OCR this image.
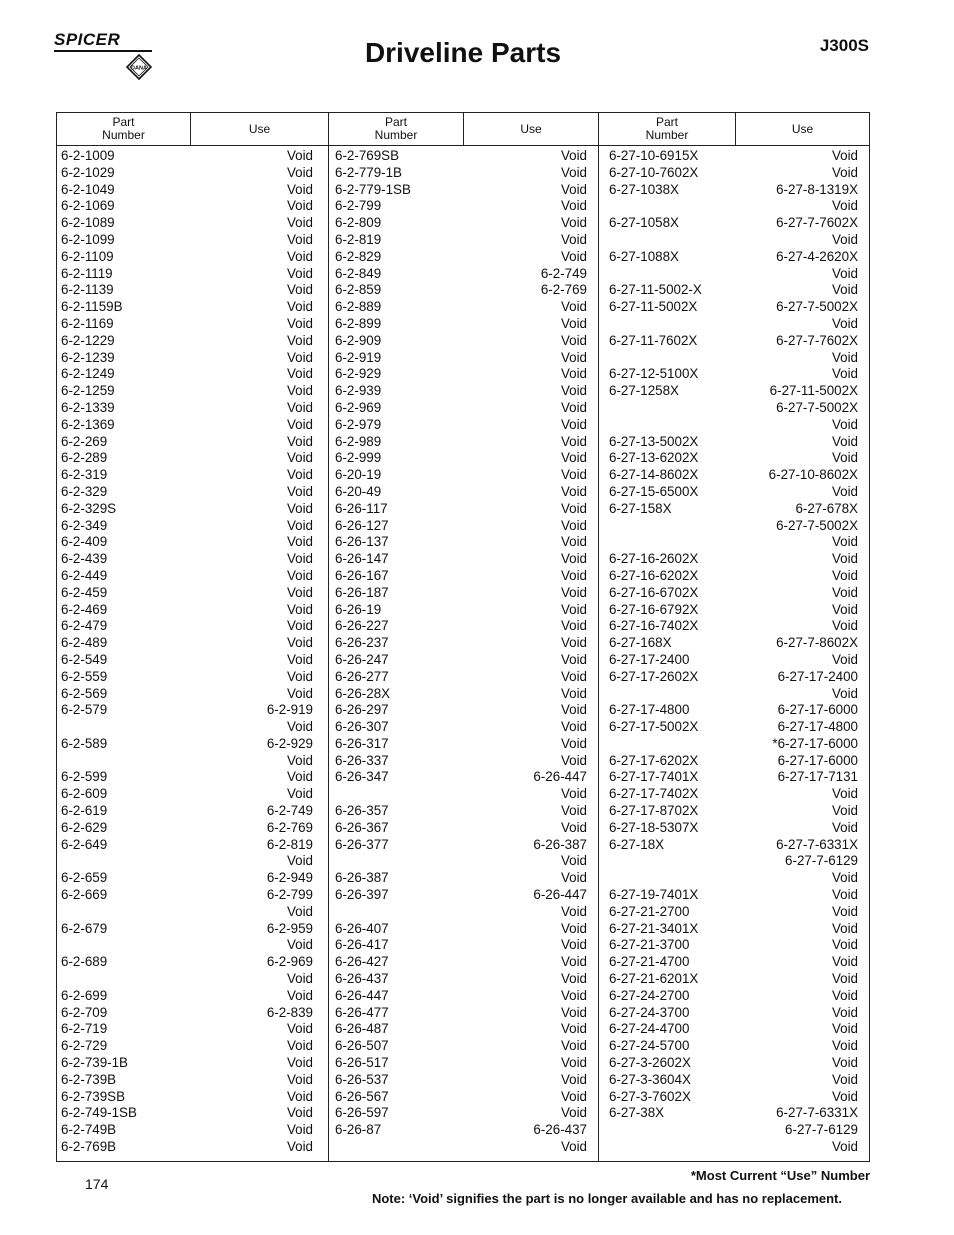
SPICER
DANA
Driveline Parts	J300S
Part
Number	Use	Part
Number	Use	Part
Number	Use
6-2-1009	Void
6-2-1029	Void
6-2-1049	Void
6-2-1069	Void
6-2-1089	Void
6-2-1099	Void
6-2-1109	Void
6-2-1119	Void
6-2-1139	Void
6-2-1159B	Void
6-2-1169	Void
6-2-1229	Void
6-2-1239	Void
6-2-1249	Void
6-2-1259	Void
6-2-1339	Void
6-2-1369	Void
6-2-269	Void
6-2-289	Void
6-2-319	Void
6-2-329	Void
6-2-329S	Void
6-2-349	Void
6-2-409	Void
6-2-439	Void
6-2-449	Void
6-2-459	Void
6-2-469	Void
6-2-479	Void
6-2-489	Void
6-2-549	Void
6-2-559	Void
6-2-569	Void
6-2-579	6-2-919
Void
6-2-589	6-2-929
Void
6-2-599	Void
6-2-609	Void
6-2-619	6-2-749
6-2-629	6-2-769
6-2-649	6-2-819
Void
6-2-659	6-2-949
6-2-669	6-2-799
Void
6-2-679	6-2-959
Void
6-2-689	6-2-969
Void
6-2-699	Void
6-2-709	6-2-839
6-2-719	Void
6-2-729	Void
6-2-739-1B	Void
6-2-739B	Void
6-2-739SB	Void
6-2-749-1SB	Void
6-2-749B	Void
6-2-769B	Void
6-2-769SB	Void
6-2-779-1B	Void
6-2-779-1SB	Void
6-2-799	Void
6-2-809	Void
6-2-819	Void
6-2-829	Void
6-2-849	6-2-749
6-2-859	6-2-769
6-2-889	Void
6-2-899	Void
6-2-909	Void
6-2-919	Void
6-2-929	Void
6-2-939	Void
6-2-969	Void
6-2-979	Void
6-2-989	Void
6-2-999	Void
6-20-19	Void
6-20-49	Void
6-26-117	Void
6-26-127	Void
6-26-137	Void
6-26-147	Void
6-26-167	Void
6-26-187	Void
6-26-19	Void
6-26-227	Void
6-26-237	Void
6-26-247	Void
6-26-277	Void
6-26-28X	Void
6-26-297	Void
6-26-307	Void
6-26-317	Void
6-26-337	Void
6-26-347	6-26-447
Void
6-26-357	Void
6-26-367	Void
6-26-377	6-26-387
Void
6-26-387	Void
6-26-397	6-26-447
Void
6-26-407	Void
6-26-417	Void
6-26-427	Void
6-26-437	Void
6-26-447	Void
6-26-477	Void
6-26-487	Void
6-26-507	Void
6-26-517	Void
6-26-537	Void
6-26-567	Void
6-26-597	Void
6-26-87	6-26-437
Void
6-27-10-6915X	Void
6-27-10-7602X	Void
6-27-1038X	6-27-8-1319X
Void
6-27-1058X	6-27-7-7602X
Void
6-27-1088X	6-27-4-2620X
Void
6-27-11-5002-X	Void
6-27-11-5002X	6-27-7-5002X
Void
6-27-11-7602X	6-27-7-7602X
Void
6-27-12-5100X	Void
6-27-1258X	6-27-11-5002X
6-27-7-5002X
Void
6-27-13-5002X	Void
6-27-13-6202X	Void
6-27-14-8602X	6-27-10-8602X
6-27-15-6500X	Void
6-27-158X	6-27-678X
6-27-7-5002X
Void
6-27-16-2602X	Void
6-27-16-6202X	Void
6-27-16-6702X	Void
6-27-16-6792X	Void
6-27-16-7402X	Void
6-27-168X	6-27-7-8602X
6-27-17-2400	Void
6-27-17-2602X	6-27-17-2400
Void
6-27-17-4800	6-27-17-6000
6-27-17-5002X	6-27-17-4800
*6-27-17-6000
6-27-17-6202X	6-27-17-6000
6-27-17-7401X	6-27-17-7131
6-27-17-7402X	Void
6-27-17-8702X	Void
6-27-18-5307X	Void
6-27-18X	6-27-7-6331X
6-27-7-6129
Void
6-27-19-7401X	Void
6-27-21-2700	Void
6-27-21-3401X	Void
6-27-21-3700	Void
6-27-21-4700	Void
6-27-21-6201X	Void
6-27-24-2700	Void
6-27-24-3700	Void
6-27-24-4700	Void
6-27-24-5700	Void
6-27-3-2602X	Void
6-27-3-3604X	Void
6-27-3-7602X	Void
6-27-38X	6-27-7-6331X
6-27-7-6129
Void
*Most Current “Use” Number
174
Note: ‘Void’ signifies the part is no longer available and has no replacement.
